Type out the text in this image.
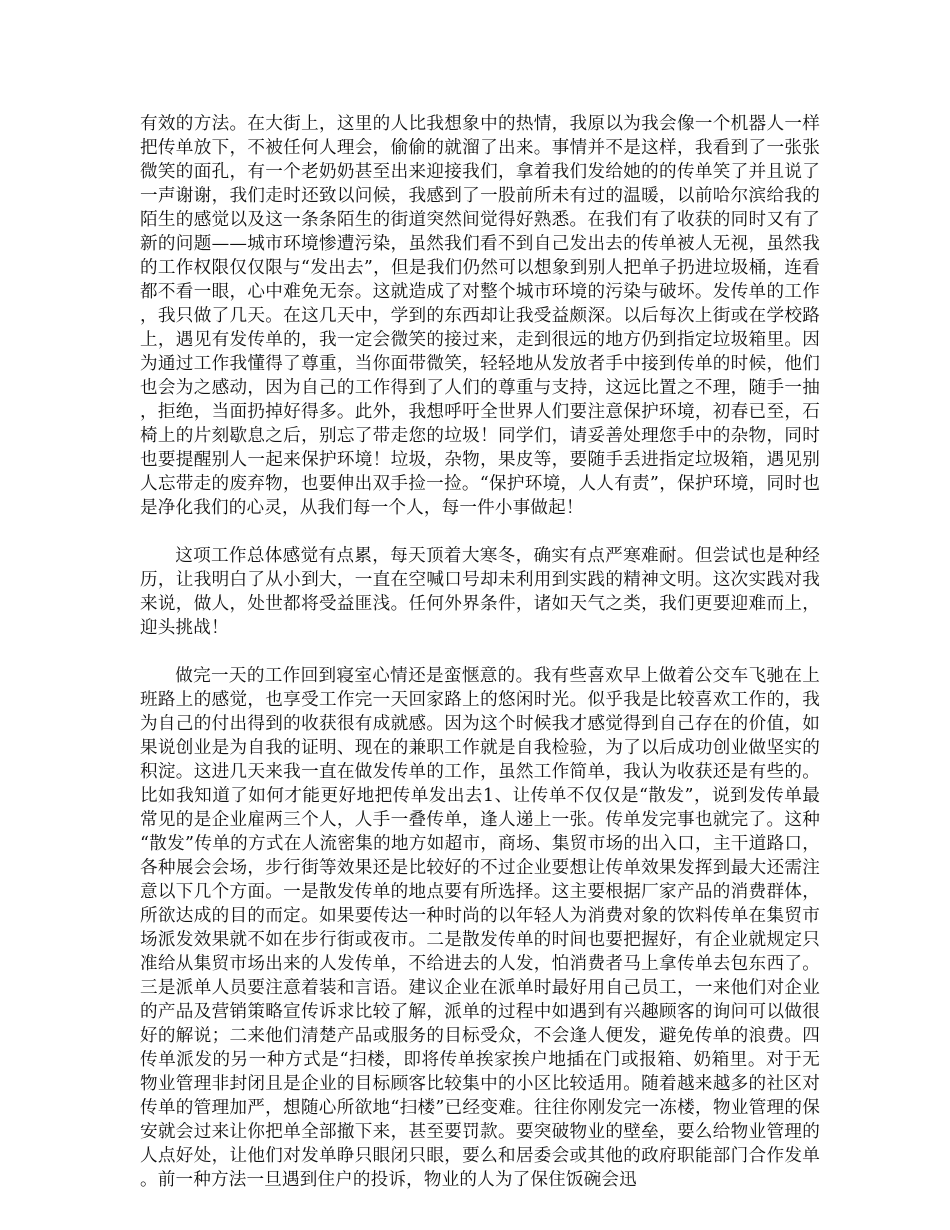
有效的方法。在大街上，这里的人比我想象中的热情，我原以为我会像一个机器人一样把传单放下，不被任何人理会，偷偷的就溜了出来。事情并不是这样，我看到了一张张微笑的面孔，有一个老奶奶甚至出来迎接我们，拿着我们发给她的的传单笑了并且说了一声谢谢，我们走时还致以问候，我感到了一股前所未有过的温暖，以前哈尔滨给我的陌生的感觉以及这一条条陌生的街道突然间觉得好熟悉。在我们有了收获的同时又有了新的问题——城市环境惨遭污染，虽然我们看不到自己发出去的传单被人无视，虽然我的工作权限仅仅限与“发出去”，但是我们仍然可以想象到别人把单子扔进垃圾桶，连看都不看一眼，心中难免无奈。这就造成了对整个城市环境的污染与破坏。发传单的工作，我只做了几天。在这几天中，学到的东西却让我受益颇深。以后每次上街或在学校路上，遇见有发传单的，我一定会微笑的接过来，走到很远的地方仍到指定垃圾箱里。因为通过工作我懂得了尊重，当你面带微笑，轻轻地从发放者手中接到传单的时候，他们也会为之感动，因为自己的工作得到了人们的尊重与支持，这远比置之不理，随手一抽，拒绝，当面扔掉好得多。此外，我想呼吁全世界人们要注意保护环境，初春已至，石椅上的片刻歇息之后，别忘了带走您的垃圾！同学们，请妥善处理您手中的杂物，同时也要提醒别人一起来保护环境！垃圾，杂物，果皮等，要随手丢进指定垃圾箱，遇见别人忘带走的废弃物，也要伸出双手捡一捡。“保护环境，人人有责”，保护环境，同时也是净化我们的心灵，从我们每一个人，每一件小事做起！

这项工作总体感觉有点累，每天顶着大寒冬，确实有点严寒难耐。但尝试也是种经历，让我明白了从小到大，一直在空喊口号却未利用到实践的精神文明。这次实践对我来说，做人，处世都将受益匪浅。任何外界条件，诸如天气之类，我们更要迎难而上，迎头挑战！

做完一天的工作回到寝室心情还是蛮惬意的。我有些喜欢早上做着公交车飞驰在上班路上的感觉，也享受工作完一天回家路上的悠闲时光。似乎我是比较喜欢工作的，我为自己的付出得到的收获很有成就感。因为这个时候我才感觉得到自己存在的价值，如果说创业是为自我的证明、现在的兼职工作就是自我检验，为了以后成功创业做坚实的积淀。这进几天来我一直在做发传单的工作，虽然工作简单，我认为收获还是有些的。比如我知道了如何才能更好地把传单发出去1、让传单不仅仅是“散发”，说到发传单最常见的是企业雇两三个人，人手一叠传单，逢人递上一张。传单发完事也就完了。这种“散发”传单的方式在人流密集的地方如超市，商场、集贸市场的出入口，主干道路口，各种展会会场，步行街等效果还是比较好的不过企业要想让传单效果发挥到最大还需注意以下几个方面。一是散发传单的地点要有所选择。这主要根据厂家产品的消费群体，所欲达成的目的而定。如果要传达一种时尚的以年轻人为消费对象的饮料传单在集贸市场派发效果就不如在步行街或夜市。二是散发传单的时间也要把握好，有企业就规定只准给从集贸市场出来的人发传单，不给进去的人发，怕消费者马上拿传单去包东西了。三是派单人员要注意着装和言语。建议企业在派单时最好用自己员工，一来他们对企业的产品及营销策略宣传诉求比较了解，派单的过程中如遇到有兴趣顾客的询问可以做很好的解说；二来他们清楚产品或服务的目标受众，不会逢人便发，避免传单的浪费。四传单派发的另一种方式是“扫楼，即将传单挨家挨户地插在门或报箱、奶箱里。对于无物业管理非封闭且是企业的目标顾客比较集中的小区比较适用。随着越来越多的社区对传单的管理加严，想随心所欲地“扫楼”已经变难。往往你刚发完一冻楼，物业管理的保安就会过来让你把单全部撤下来，甚至要罚款。要突破物业的壁垒，要么给物业管理的人点好处，让他们对发单睁只眼闭只眼，要么和居委会或其他的政府职能部门合作发单。前一种方法一旦遇到住户的投诉，物业的人为了保住饭碗会迅
